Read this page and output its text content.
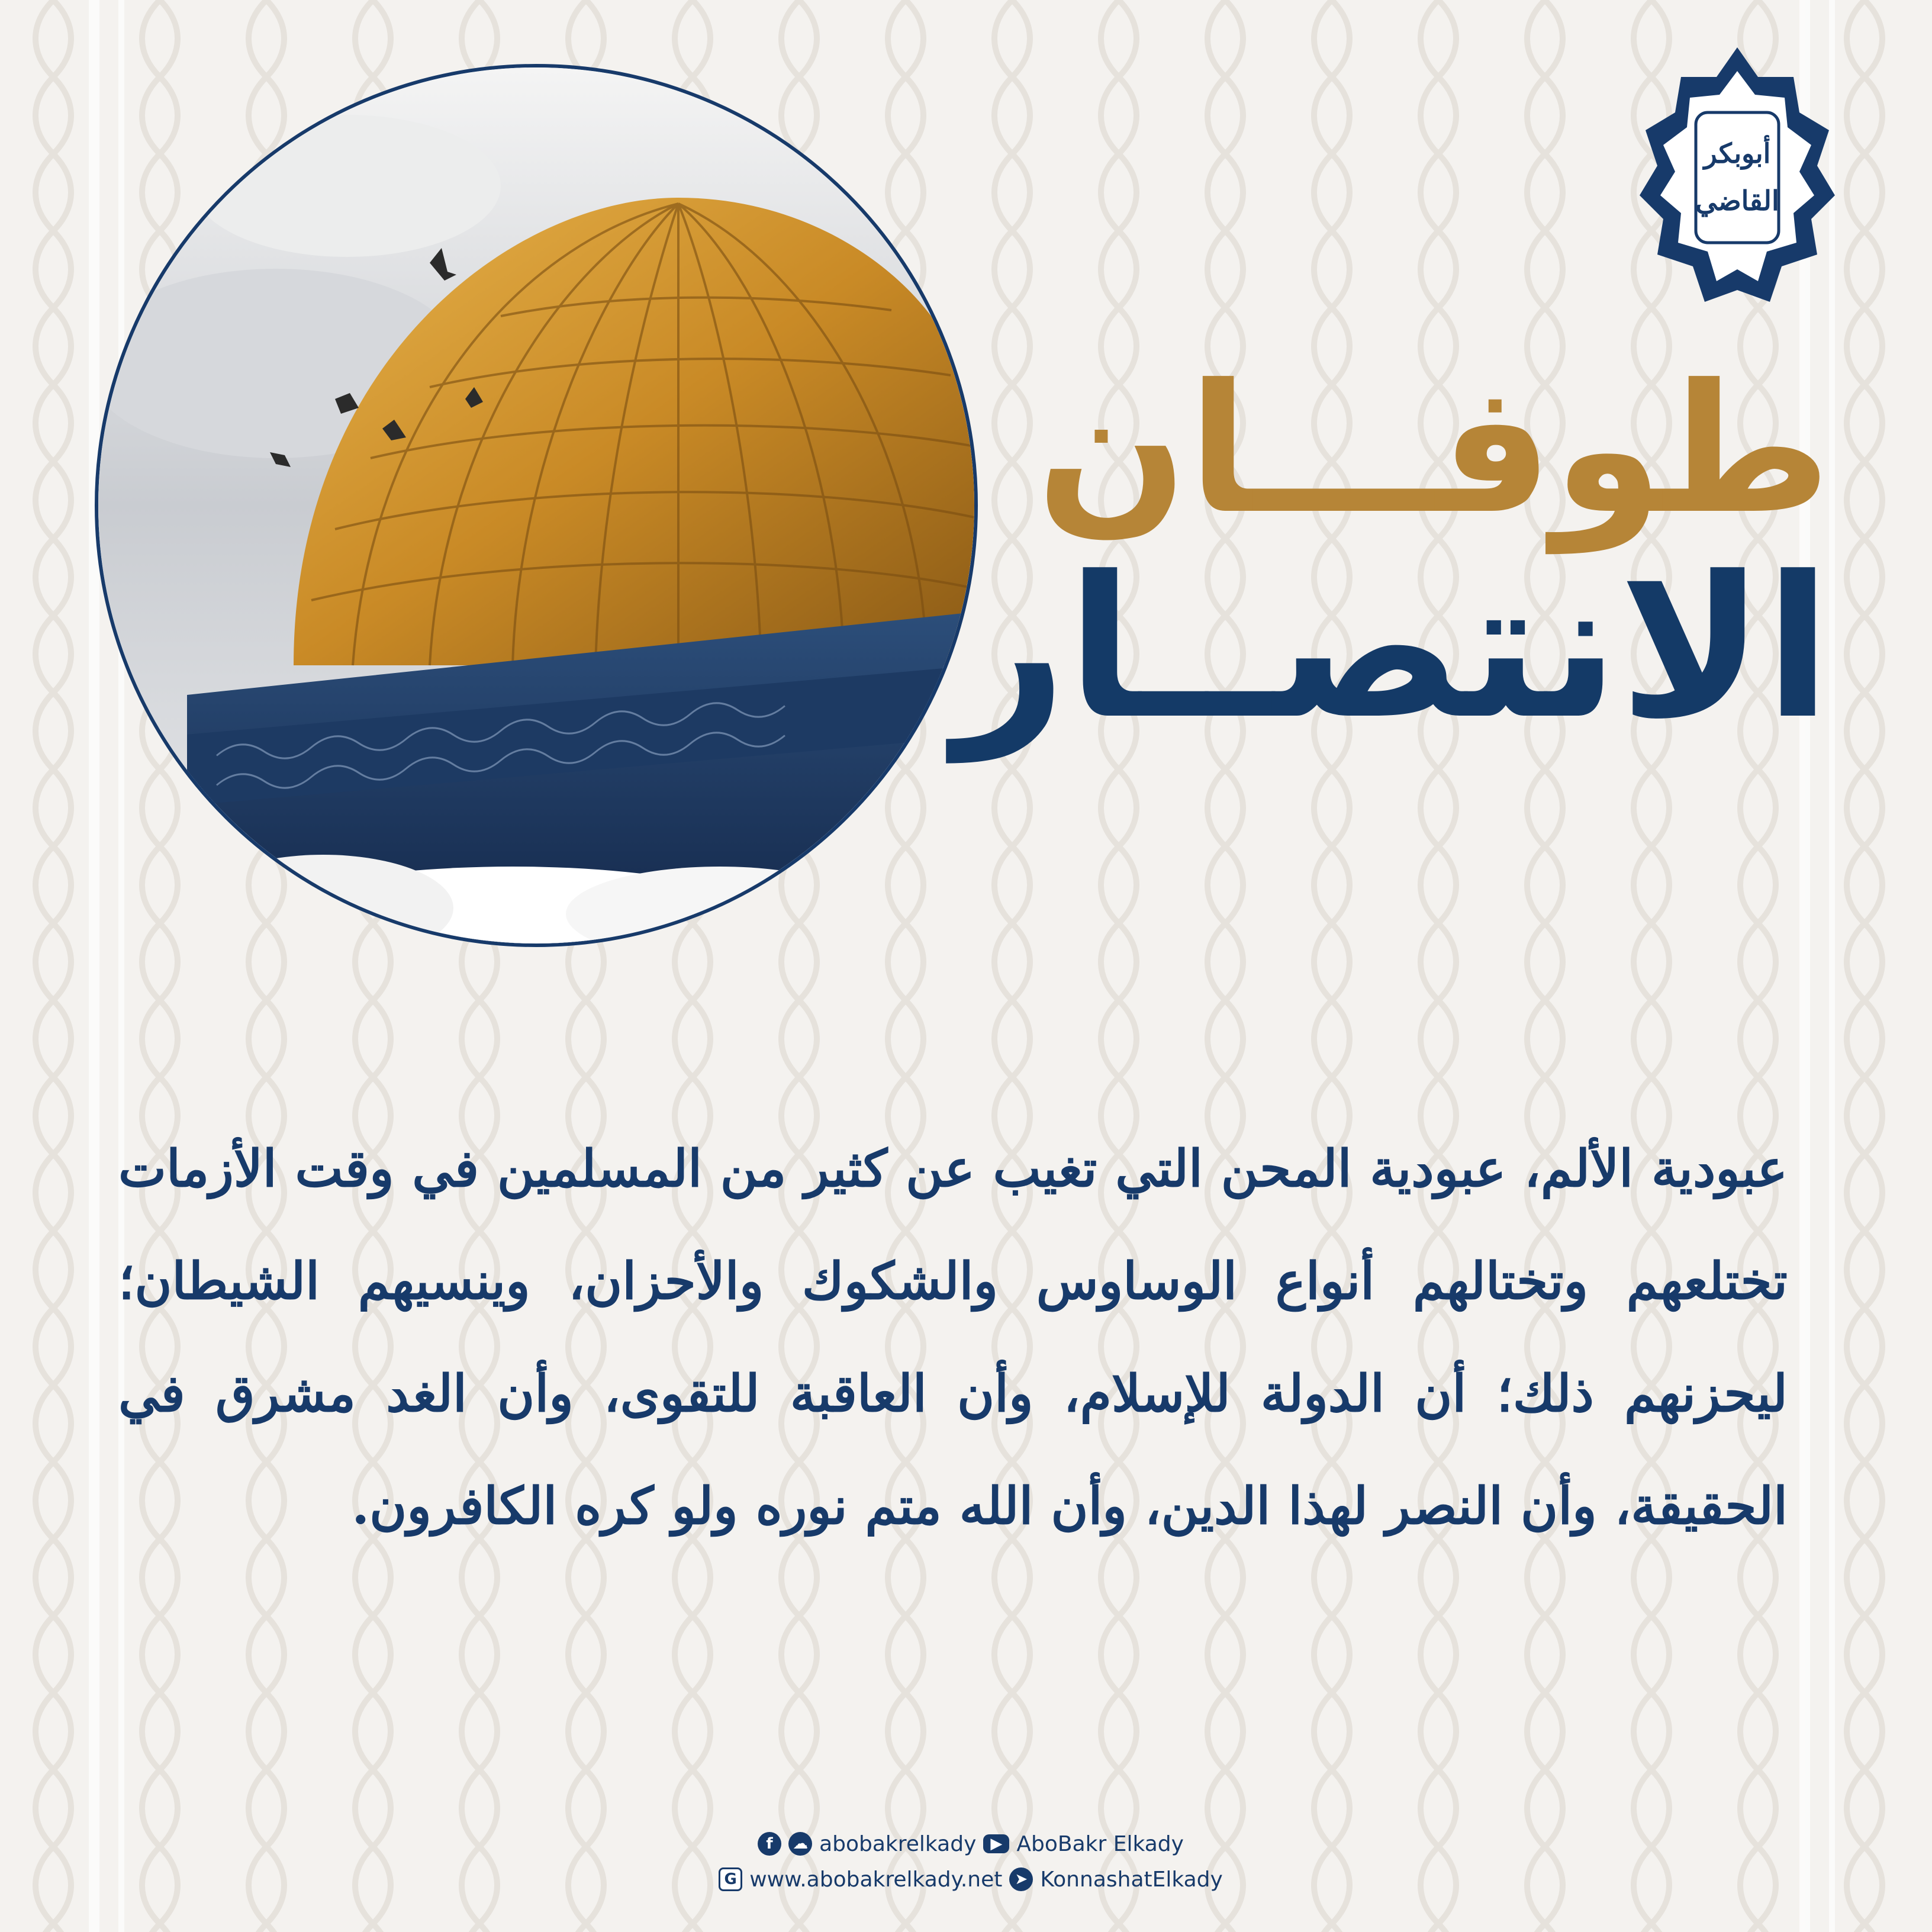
أبوبكر
القاضي
طوفـــان
الانتصــار
عبودية الألم، عبودية المحن التي تغيب عن كثير من المسلمين في وقت الأزمات تختلعهم وتختالهم أنواع الوساوس والشكوك والأحزان، وينسيهم الشيطان؛ ليحزنهم ذلك؛ أن الدولة للإسلام، وأن العاقبة للتقوى، وأن الغد مشرق في الحقيقة، وأن النصر لهذا الدين، وأن الله متم نوره ولو كره الكافرون.
f	☁ abobakrelkady ▶ AboBakr Elkady
G www.abobakrelkady.net ➤ KonnashatElkady
